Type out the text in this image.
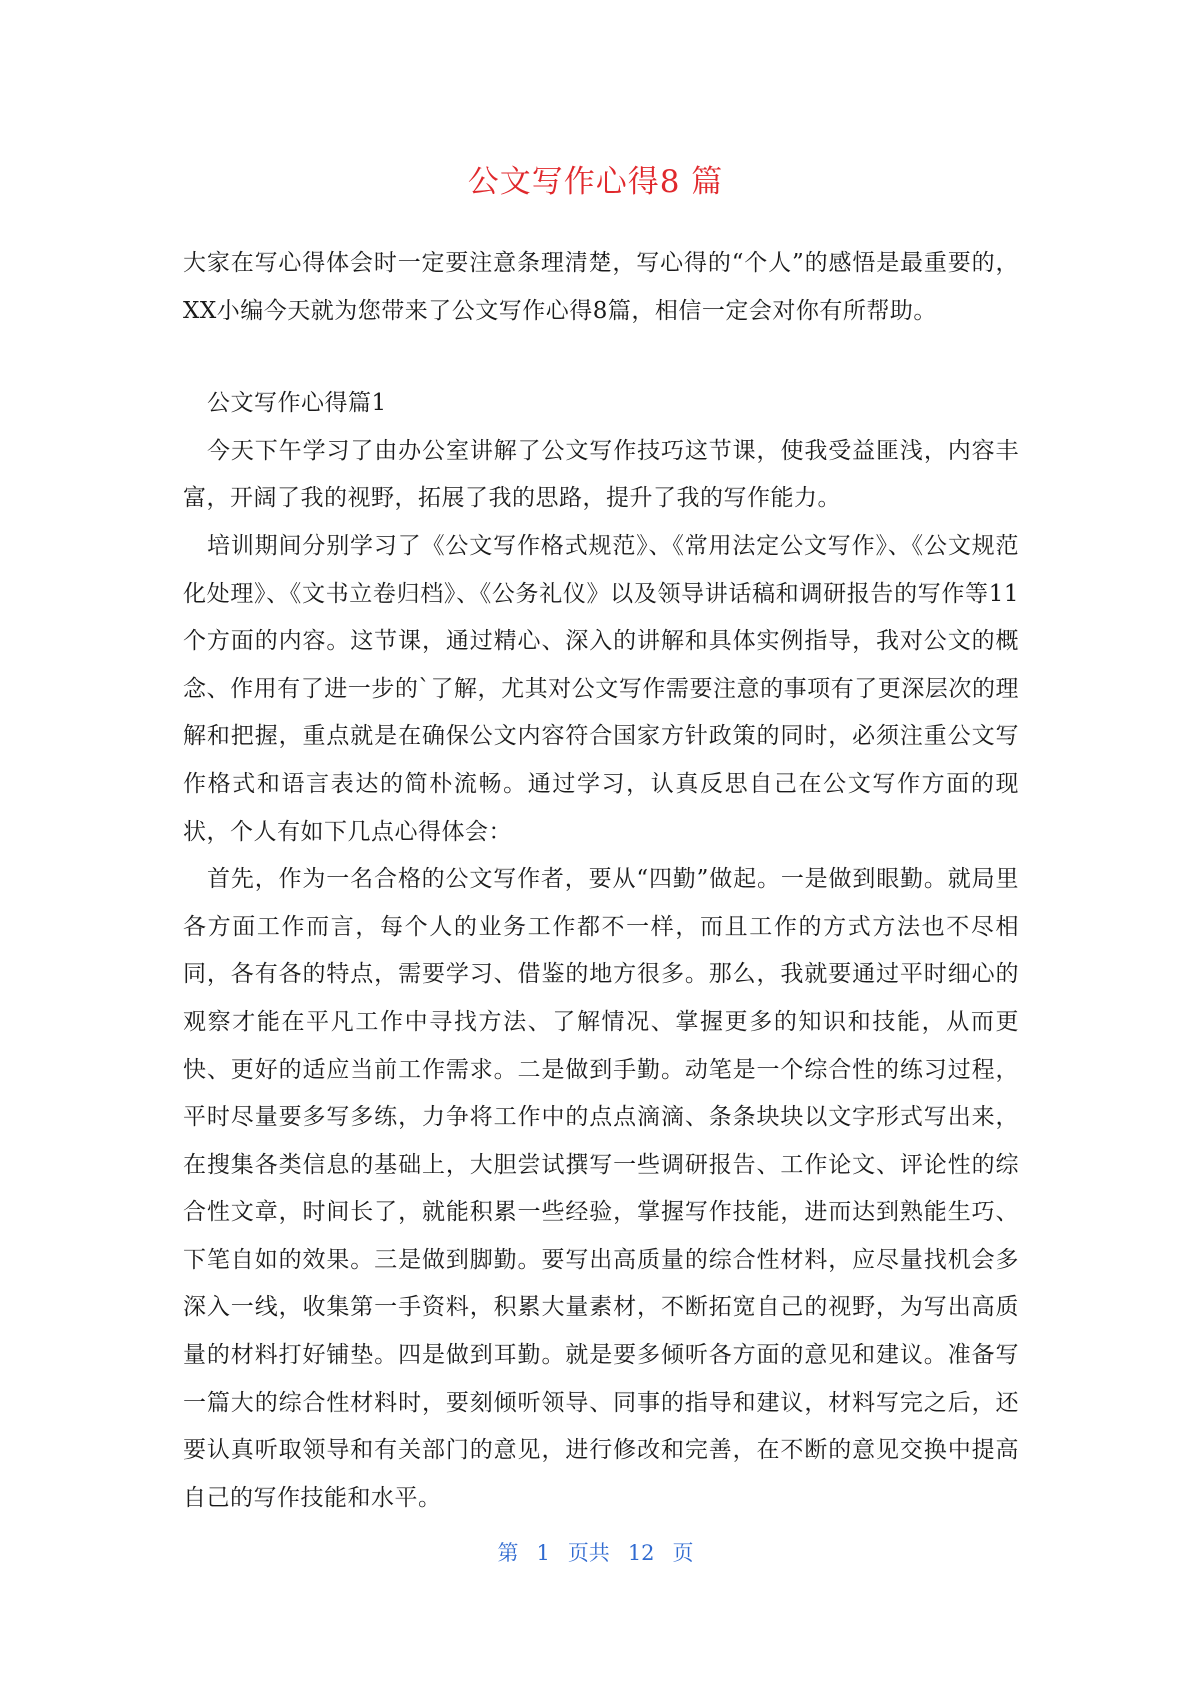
公文写作心得8 篇

大家在写心得体会时一定要注意条理清楚，写心得的“个人”的感悟是最重要的，XX小编今天就为您带来了公文写作心得8篇，相信一定会对你有所帮助。

公文写作心得篇1

今天下午学习了由办公室讲解了公文写作技巧这节课，使我受益匪浅，内容丰富，开阔了我的视野，拓展了我的思路，提升了我的写作能力。

培训期间分别学习了《公文写作格式规范》、《常用法定公文写作》、《公文规范化处理》、《文书立卷归档》、《公务礼仪》以及领导讲话稿和调研报告的写作等11个方面的内容。这节课，通过精心、深入的讲解和具体实例指导，我对公文的概念、作用有了进一步的`了解，尤其对公文写作需要注意的事项有了更深层次的理解和把握，重点就是在确保公文内容符合国家方针政策的同时，必须注重公文写作格式和语言表达的简朴流畅。通过学习，认真反思自己在公文写作方面的现状，个人有如下几点心得体会：

首先，作为一名合格的公文写作者，要从“四勤”做起。一是做到眼勤。就局里各方面工作而言，每个人的业务工作都不一样，而且工作的方式方法也不尽相同，各有各的特点，需要学习、借鉴的地方很多。那么，我就要通过平时细心的观察才能在平凡工作中寻找方法、了解情况、掌握更多的知识和技能，从而更快、更好的适应当前工作需求。二是做到手勤。动笔是一个综合性的练习过程，平时尽量要多写多练，力争将工作中的点点滴滴、条条块块以文字形式写出来，在搜集各类信息的基础上，大胆尝试撰写一些调研报告、工作论文、评论性的综合性文章，时间长了，就能积累一些经验，掌握写作技能，进而达到熟能生巧、下笔自如的效果。三是做到脚勤。要写出高质量的综合性材料，应尽量找机会多深入一线，收集第一手资料，积累大量素材，不断拓宽自己的视野，为写出高质量的材料打好铺垫。四是做到耳勤。就是要多倾听各方面的意见和建议。准备写一篇大的综合性材料时，要刻倾听领导、同事的指导和建议，材料写完之后，还要认真听取领导和有关部门的意见，进行修改和完善，在不断的意见交换中提高自己的写作技能和水平。

第 1 页共 12 页
